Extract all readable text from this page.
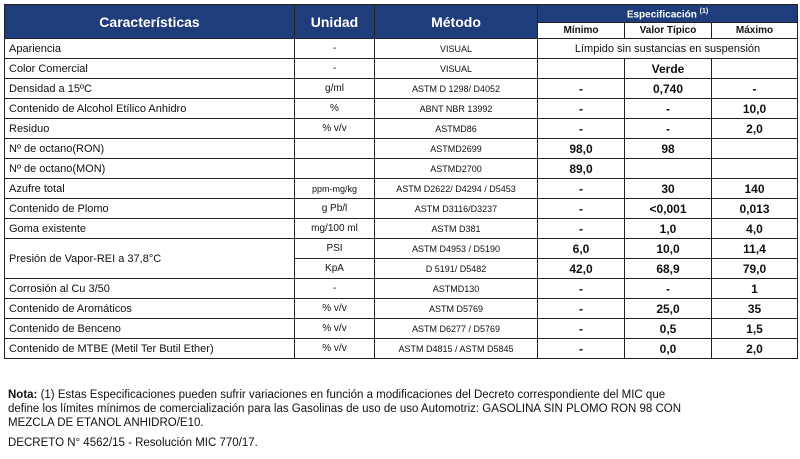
Características	Unidad	Método	Especificación $^{(1)}$
			Mínimo	Valor Típico	Máximo
Apariencia	-	VISUAL	Límpido sin sustancias en suspensión		
Color Comercial	-	VISUAL		Verde	
Densidad a 15ºC	g/ml	ASTM D 1298/ D4052	-	0,740	-
Contenido de Alcohol Etílico Anhidro	%	ABNT NBR 13992	-	-	10,0
Residuo	% v/v	ASTMD86	-	-	2,0
Nº de octano(RON)		ASTMD2699	98,0	98	
Nº de octano(MON)		ASTMD2700	89,0		
Azufre total	ppm-mg/kg	ASTM D2622/ D4294 / D5453	-	30	140
Contenido de Plomo	g Pb/l	ASTM D3116/D3237	-	<0,001	0,013
Goma existente	mg/100 ml	ASTM D381	-	1,0	4,0
Presión de Vapor-REI a 37,8°C	PSI	ASTM D4953 / D5190	6,0	10,0	11,4
	KpA	D 5191/ D5482	42,0	68,9	79,0
Corrosión al Cu 3/50	-	ASTMD130	-	-	1
Contenido de Aromáticos	% v/v	ASTM D5769	-	25,0	35
Contenido de Benceno	% v/v	ASTM D6277 / D5769	-	0,5	1,5
Contenido de MTBE (Metil Ter Butil Ether)	% v/v	ASTM D4815 / ASTM D5845	-	0,0	2,0
Nota: (1) Estas Especificaciones pueden sufrir variaciones en función a modificaciones del Decreto correspondiente del MIC que
define los límites mínimos de comercialización para las Gasolinas de uso de uso Automotriz: GASOLINA SIN PLOMO RON 98 CON
MEZCLA DE ETANOL ANHIDRO/E10.
DECRETO N° 4562/15 - Resolución MIC 770/17.
